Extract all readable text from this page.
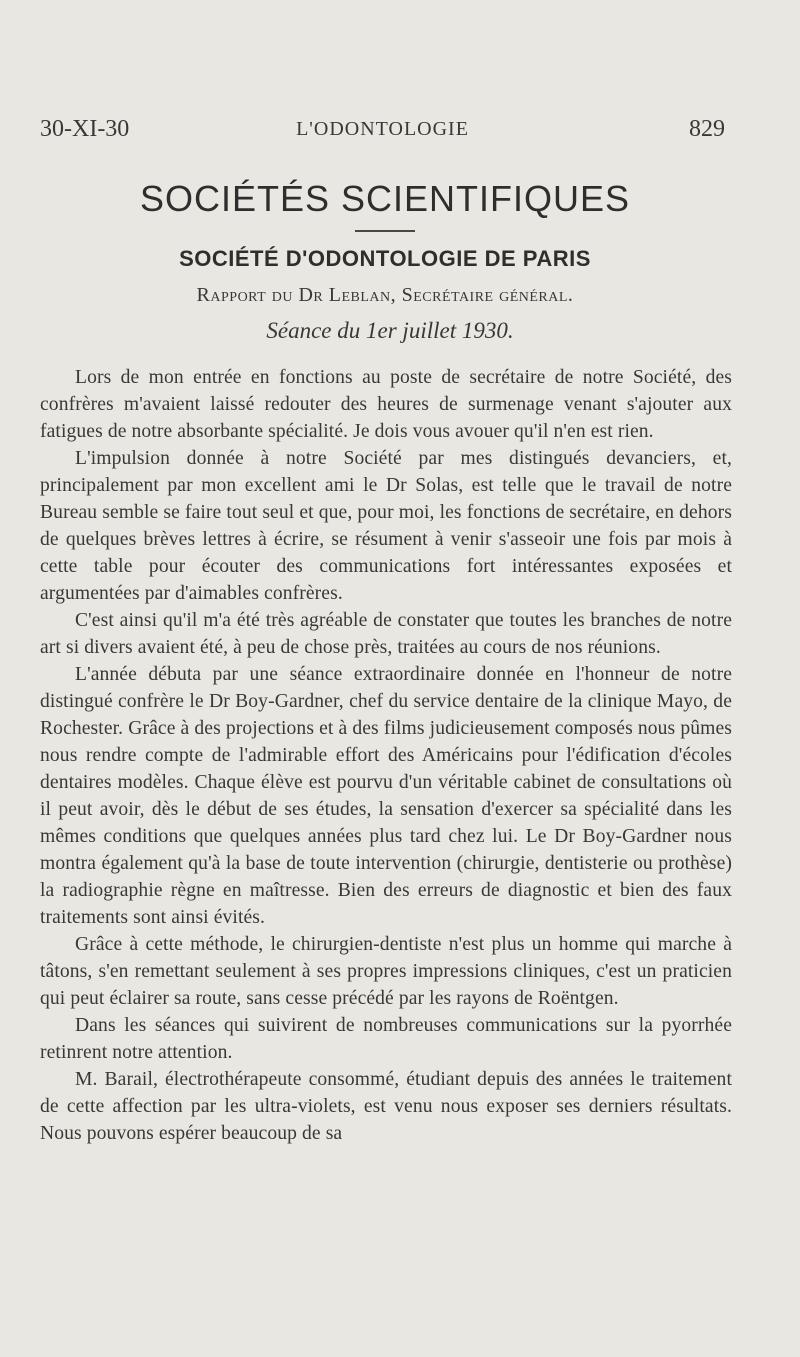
30-XI-30	L'ODONTOLOGIE	829
SOCIÉTÉS SCIENTIFIQUES
SOCIÉTÉ D'ODONTOLOGIE DE PARIS
Rapport du Dr Leblan, Secrétaire général.
Séance du 1er juillet 1930.

Lors de mon entrée en fonctions au poste de secrétaire de notre Société, des confrères m'avaient laissé redouter des heures de surmenage venant s'ajouter aux fatigues de notre absorbante spécialité. Je dois vous avouer qu'il n'en est rien.

L'impulsion donnée à notre Société par mes distingués devanciers, et, principalement par mon excellent ami le Dr Solas, est telle que le travail de notre Bureau semble se faire tout seul et que, pour moi, les fonctions de secrétaire, en dehors de quelques brèves lettres à écrire, se résument à venir s'asseoir une fois par mois à cette table pour écouter des communications fort intéressantes exposées et argumentées par d'aimables confrères.

C'est ainsi qu'il m'a été très agréable de constater que toutes les branches de notre art si divers avaient été, à peu de chose près, traitées au cours de nos réunions.

L'année débuta par une séance extraordinaire donnée en l'honneur de notre distingué confrère le Dr Boy-Gardner, chef du service dentaire de la clinique Mayo, de Rochester. Grâce à des projections et à des films judicieusement composés nous pûmes nous rendre compte de l'admirable effort des Américains pour l'édification d'écoles dentaires modèles. Chaque élève est pourvu d'un véritable cabinet de consultations où il peut avoir, dès le début de ses études, la sensation d'exercer sa spécialité dans les mêmes conditions que quelques années plus tard chez lui. Le Dr Boy-Gardner nous montra également qu'à la base de toute intervention (chirurgie, dentisterie ou prothèse) la radiographie règne en maîtresse. Bien des erreurs de diagnostic et bien des faux traitements sont ainsi évités.

Grâce à cette méthode, le chirurgien-dentiste n'est plus un homme qui marche à tâtons, s'en remettant seulement à ses propres impressions cliniques, c'est un praticien qui peut éclairer sa route, sans cesse précédé par les rayons de Roëntgen.

Dans les séances qui suivirent de nombreuses communications sur la pyorrhée retinrent notre attention.

M. Barail, électrothérapeute consommé, étudiant depuis des années le traitement de cette affection par les ultra-violets, est venu nous exposer ses derniers résultats. Nous pouvons espérer beaucoup de sa
